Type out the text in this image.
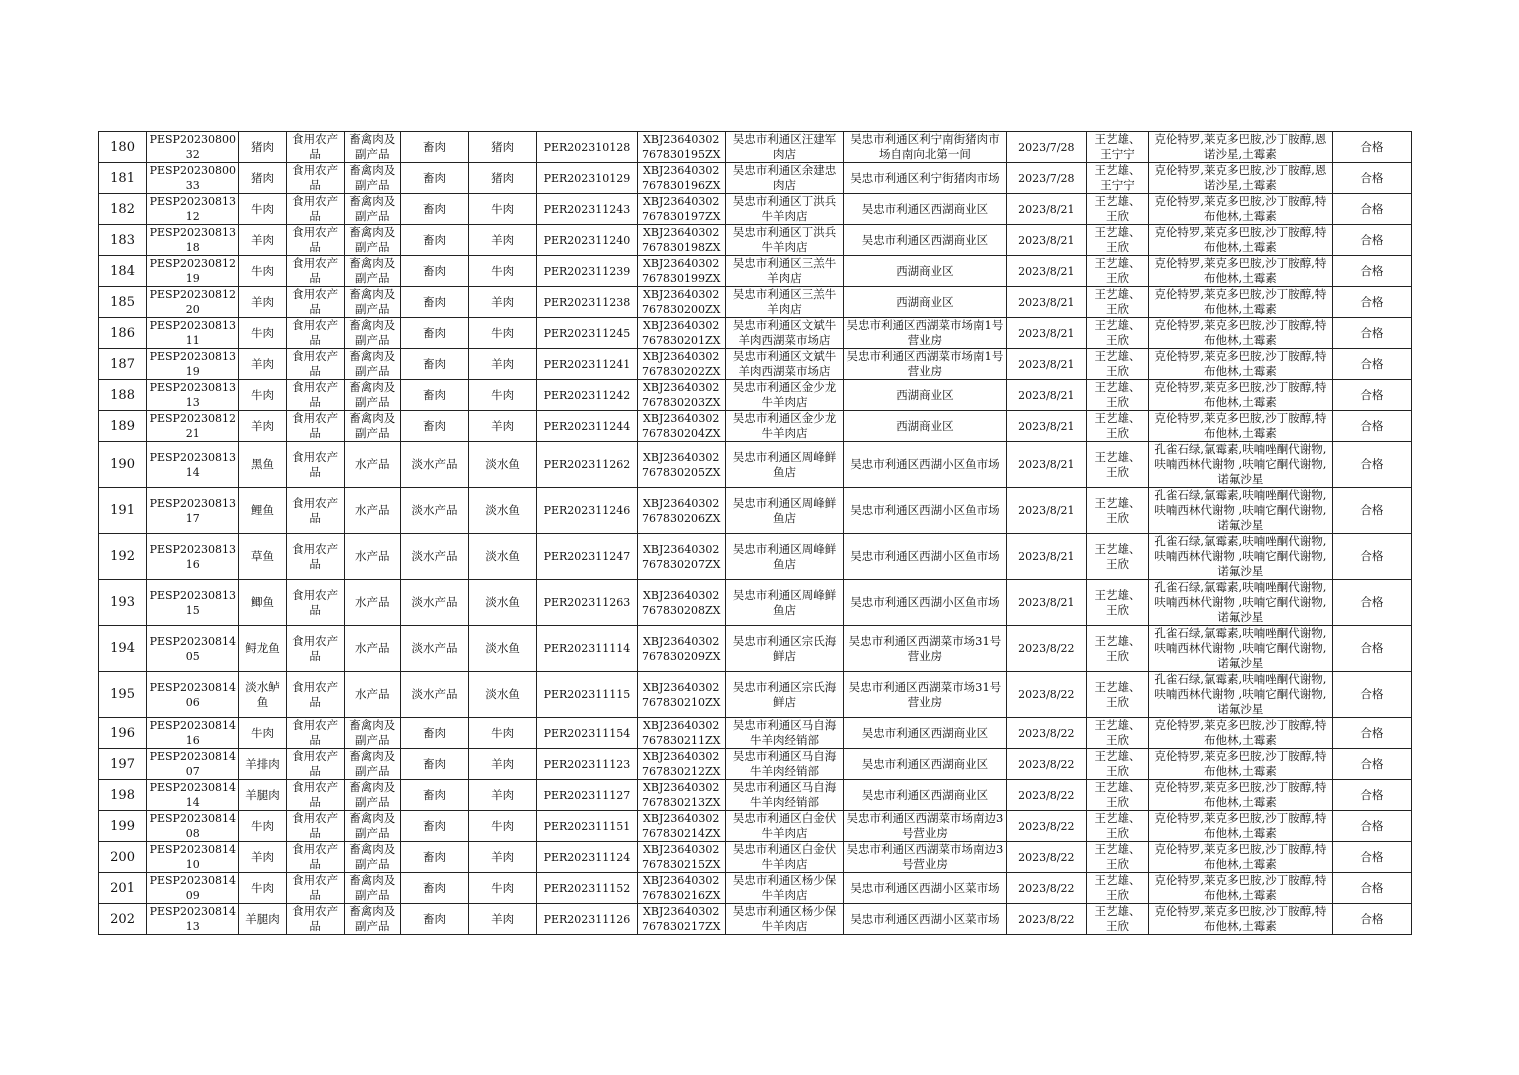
180	PESP2023080032	猪肉	食用农产品	畜禽肉及副产品	畜肉	猪肉	PER202310128	XBJ23640302767830195ZX	吴忠市利通区汪建军肉店	吴忠市利通区利宁南街猪肉市场自南向北第一间	2023/7/28	王艺雄、王宁宁	克伦特罗,莱克多巴胺,沙丁胺醇,恩诺沙星,土霉素	合格
181	PESP2023080033	猪肉	食用农产品	畜禽肉及副产品	畜肉	猪肉	PER202310129	XBJ23640302767830196ZX	吴忠市利通区余建忠肉店	吴忠市利通区利宁街猪肉市场	2023/7/28	王艺雄、王宁宁	克伦特罗,莱克多巴胺,沙丁胺醇,恩诺沙星,土霉素	合格
182	PESP2023081312	牛肉	食用农产品	畜禽肉及副产品	畜肉	牛肉	PER202311243	XBJ23640302767830197ZX	吴忠市利通区丁洪兵牛羊肉店	吴忠市利通区西湖商业区	2023/8/21	王艺雄、王欣	克伦特罗,莱克多巴胺,沙丁胺醇,特布他林,土霉素	合格
183	PESP2023081318	羊肉	食用农产品	畜禽肉及副产品	畜肉	羊肉	PER202311240	XBJ23640302767830198ZX	吴忠市利通区丁洪兵牛羊肉店	吴忠市利通区西湖商业区	2023/8/21	王艺雄、王欣	克伦特罗,莱克多巴胺,沙丁胺醇,特布他林,土霉素	合格
184	PESP2023081219	牛肉	食用农产品	畜禽肉及副产品	畜肉	牛肉	PER202311239	XBJ23640302767830199ZX	吴忠市利通区三羔牛羊肉店	西湖商业区	2023/8/21	王艺雄、王欣	克伦特罗,莱克多巴胺,沙丁胺醇,特布他林,土霉素	合格
185	PESP2023081220	羊肉	食用农产品	畜禽肉及副产品	畜肉	羊肉	PER202311238	XBJ23640302767830200ZX	吴忠市利通区三羔牛羊肉店	西湖商业区	2023/8/21	王艺雄、王欣	克伦特罗,莱克多巴胺,沙丁胺醇,特布他林,土霉素	合格
186	PESP2023081311	牛肉	食用农产品	畜禽肉及副产品	畜肉	牛肉	PER202311245	XBJ23640302767830201ZX	吴忠市利通区文斌牛羊肉西湖菜市场店	吴忠市利通区西湖菜市场南1号营业房	2023/8/21	王艺雄、王欣	克伦特罗,莱克多巴胺,沙丁胺醇,特布他林,土霉素	合格
187	PESP2023081319	羊肉	食用农产品	畜禽肉及副产品	畜肉	羊肉	PER202311241	XBJ23640302767830202ZX	吴忠市利通区文斌牛羊肉西湖菜市场店	吴忠市利通区西湖菜市场南1号营业房	2023/8/21	王艺雄、王欣	克伦特罗,莱克多巴胺,沙丁胺醇,特布他林,土霉素	合格
188	PESP2023081313	牛肉	食用农产品	畜禽肉及副产品	畜肉	牛肉	PER202311242	XBJ23640302767830203ZX	吴忠市利通区金少龙牛羊肉店	西湖商业区	2023/8/21	王艺雄、王欣	克伦特罗,莱克多巴胺,沙丁胺醇,特布他林,土霉素	合格
189	PESP2023081221	羊肉	食用农产品	畜禽肉及副产品	畜肉	羊肉	PER202311244	XBJ23640302767830204ZX	吴忠市利通区金少龙牛羊肉店	西湖商业区	2023/8/21	王艺雄、王欣	克伦特罗,莱克多巴胺,沙丁胺醇,特布他林,土霉素	合格
190	PESP2023081314	黑鱼	食用农产品	水产品	淡水产品	淡水鱼	PER202311262	XBJ23640302767830205ZX	吴忠市利通区周峰鲜鱼店	吴忠市利通区西湖小区鱼市场	2023/8/21	王艺雄、王欣	孔雀石绿,氯霉素,呋喃唑酮代谢物,呋喃西林代谢物 ,呋喃它酮代谢物,诺氟沙星	合格
191	PESP2023081317	鲤鱼	食用农产品	水产品	淡水产品	淡水鱼	PER202311246	XBJ23640302767830206ZX	吴忠市利通区周峰鲜鱼店	吴忠市利通区西湖小区鱼市场	2023/8/21	王艺雄、王欣	孔雀石绿,氯霉素,呋喃唑酮代谢物,呋喃西林代谢物 ,呋喃它酮代谢物,诺氟沙星	合格
192	PESP2023081316	草鱼	食用农产品	水产品	淡水产品	淡水鱼	PER202311247	XBJ23640302767830207ZX	吴忠市利通区周峰鲜鱼店	吴忠市利通区西湖小区鱼市场	2023/8/21	王艺雄、王欣	孔雀石绿,氯霉素,呋喃唑酮代谢物,呋喃西林代谢物 ,呋喃它酮代谢物,诺氟沙星	合格
193	PESP2023081315	鲫鱼	食用农产品	水产品	淡水产品	淡水鱼	PER202311263	XBJ23640302767830208ZX	吴忠市利通区周峰鲜鱼店	吴忠市利通区西湖小区鱼市场	2023/8/21	王艺雄、王欣	孔雀石绿,氯霉素,呋喃唑酮代谢物,呋喃西林代谢物 ,呋喃它酮代谢物,诺氟沙星	合格
194	PESP2023081405	鲟龙鱼	食用农产品	水产品	淡水产品	淡水鱼	PER202311114	XBJ23640302767830209ZX	吴忠市利通区宗氏海鲜店	吴忠市利通区西湖菜市场31号营业房	2023/8/22	王艺雄、王欣	孔雀石绿,氯霉素,呋喃唑酮代谢物,呋喃西林代谢物 ,呋喃它酮代谢物,诺氟沙星	合格
195	PESP2023081406	淡水鲈鱼	食用农产品	水产品	淡水产品	淡水鱼	PER202311115	XBJ23640302767830210ZX	吴忠市利通区宗氏海鲜店	吴忠市利通区西湖菜市场31号营业房	2023/8/22	王艺雄、王欣	孔雀石绿,氯霉素,呋喃唑酮代谢物,呋喃西林代谢物 ,呋喃它酮代谢物,诺氟沙星	合格
196	PESP2023081416	牛肉	食用农产品	畜禽肉及副产品	畜肉	牛肉	PER202311154	XBJ23640302767830211ZX	吴忠市利通区马自海牛羊肉经销部	吴忠市利通区西湖商业区	2023/8/22	王艺雄、王欣	克伦特罗,莱克多巴胺,沙丁胺醇,特布他林,土霉素	合格
197	PESP2023081407	羊排肉	食用农产品	畜禽肉及副产品	畜肉	羊肉	PER202311123	XBJ23640302767830212ZX	吴忠市利通区马自海牛羊肉经销部	吴忠市利通区西湖商业区	2023/8/22	王艺雄、王欣	克伦特罗,莱克多巴胺,沙丁胺醇,特布他林,土霉素	合格
198	PESP2023081414	羊腿肉	食用农产品	畜禽肉及副产品	畜肉	羊肉	PER202311127	XBJ23640302767830213ZX	吴忠市利通区马自海牛羊肉经销部	吴忠市利通区西湖商业区	2023/8/22	王艺雄、王欣	克伦特罗,莱克多巴胺,沙丁胺醇,特布他林,土霉素	合格
199	PESP2023081408	牛肉	食用农产品	畜禽肉及副产品	畜肉	牛肉	PER202311151	XBJ23640302767830214ZX	吴忠市利通区白金伏牛羊肉店	吴忠市利通区西湖菜市场南边3号营业房	2023/8/22	王艺雄、王欣	克伦特罗,莱克多巴胺,沙丁胺醇,特布他林,土霉素	合格
200	PESP2023081410	羊肉	食用农产品	畜禽肉及副产品	畜肉	羊肉	PER202311124	XBJ23640302767830215ZX	吴忠市利通区白金伏牛羊肉店	吴忠市利通区西湖菜市场南边3号营业房	2023/8/22	王艺雄、王欣	克伦特罗,莱克多巴胺,沙丁胺醇,特布他林,土霉素	合格
201	PESP2023081409	牛肉	食用农产品	畜禽肉及副产品	畜肉	牛肉	PER202311152	XBJ23640302767830216ZX	吴忠市利通区杨少保牛羊肉店	吴忠市利通区西湖小区菜市场	2023/8/22	王艺雄、王欣	克伦特罗,莱克多巴胺,沙丁胺醇,特布他林,土霉素	合格
202	PESP2023081413	羊腿肉	食用农产品	畜禽肉及副产品	畜肉	羊肉	PER202311126	XBJ23640302767830217ZX	吴忠市利通区杨少保牛羊肉店	吴忠市利通区西湖小区菜市场	2023/8/22	王艺雄、王欣	克伦特罗,莱克多巴胺,沙丁胺醇,特布他林,土霉素	合格
